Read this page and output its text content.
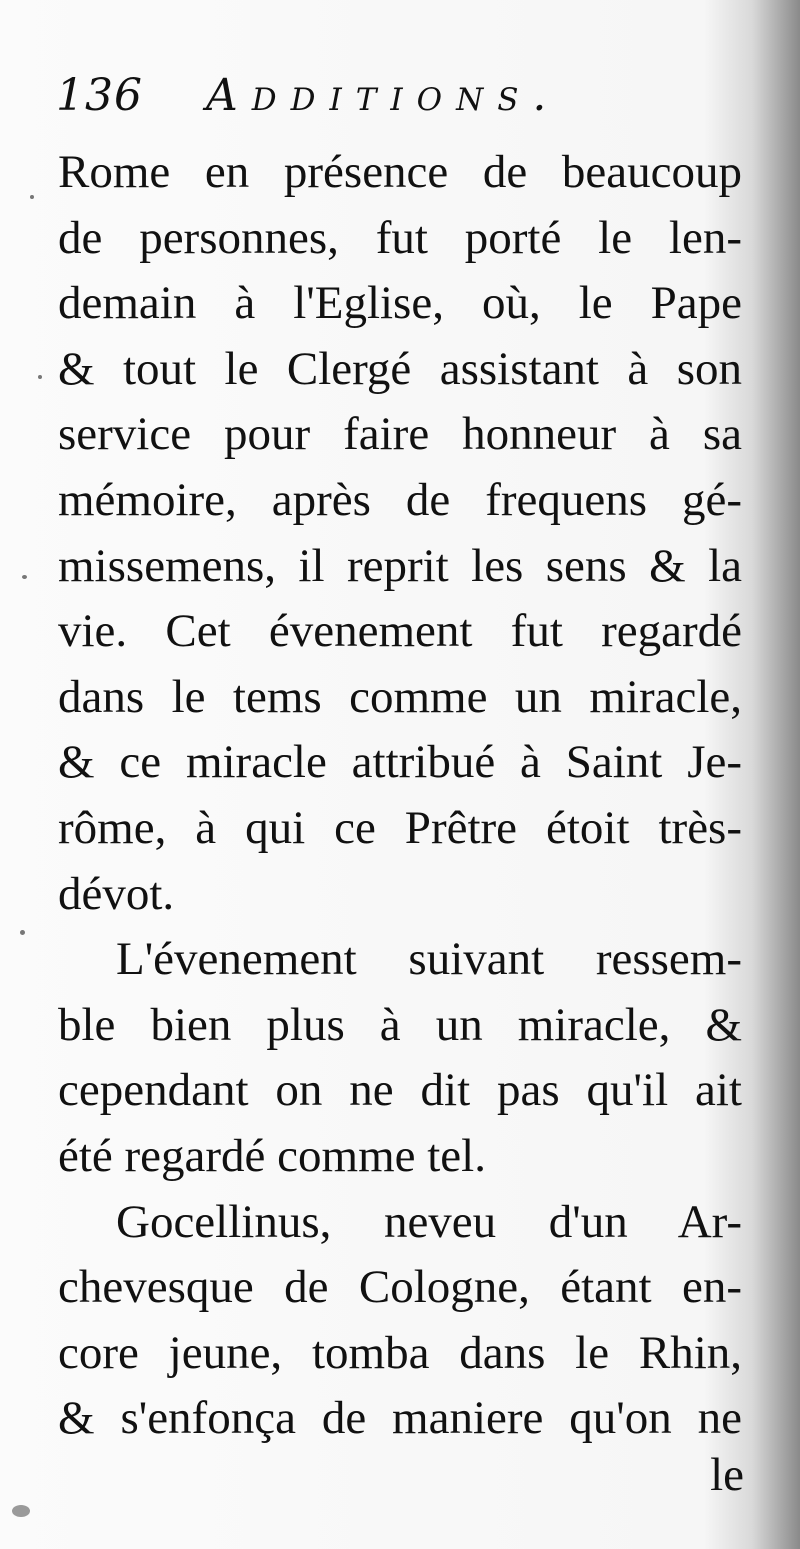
136 Additions.
Rome en présence de beaucoup
de personnes, fut porté le len-
demain à l'Eglise, où, le Pape
& tout le Clergé assistant à son
service pour faire honneur à sa
mémoire, après de frequens gé-
missemens, il reprit les sens & la
vie. Cet évenement fut regardé
dans le tems comme un miracle,
& ce miracle attribué à Saint Je-
rôme, à qui ce Prêtre étoit très-
dévot.
L'évenement suivant ressem-
ble bien plus à un miracle, &
cependant on ne dit pas qu'il ait
été regardé comme tel.
Gocellinus, neveu d'un Ar-
chevesque de Cologne, étant en-
core jeune, tomba dans le Rhin,
& s'enfonça de maniere qu'on ne
le
